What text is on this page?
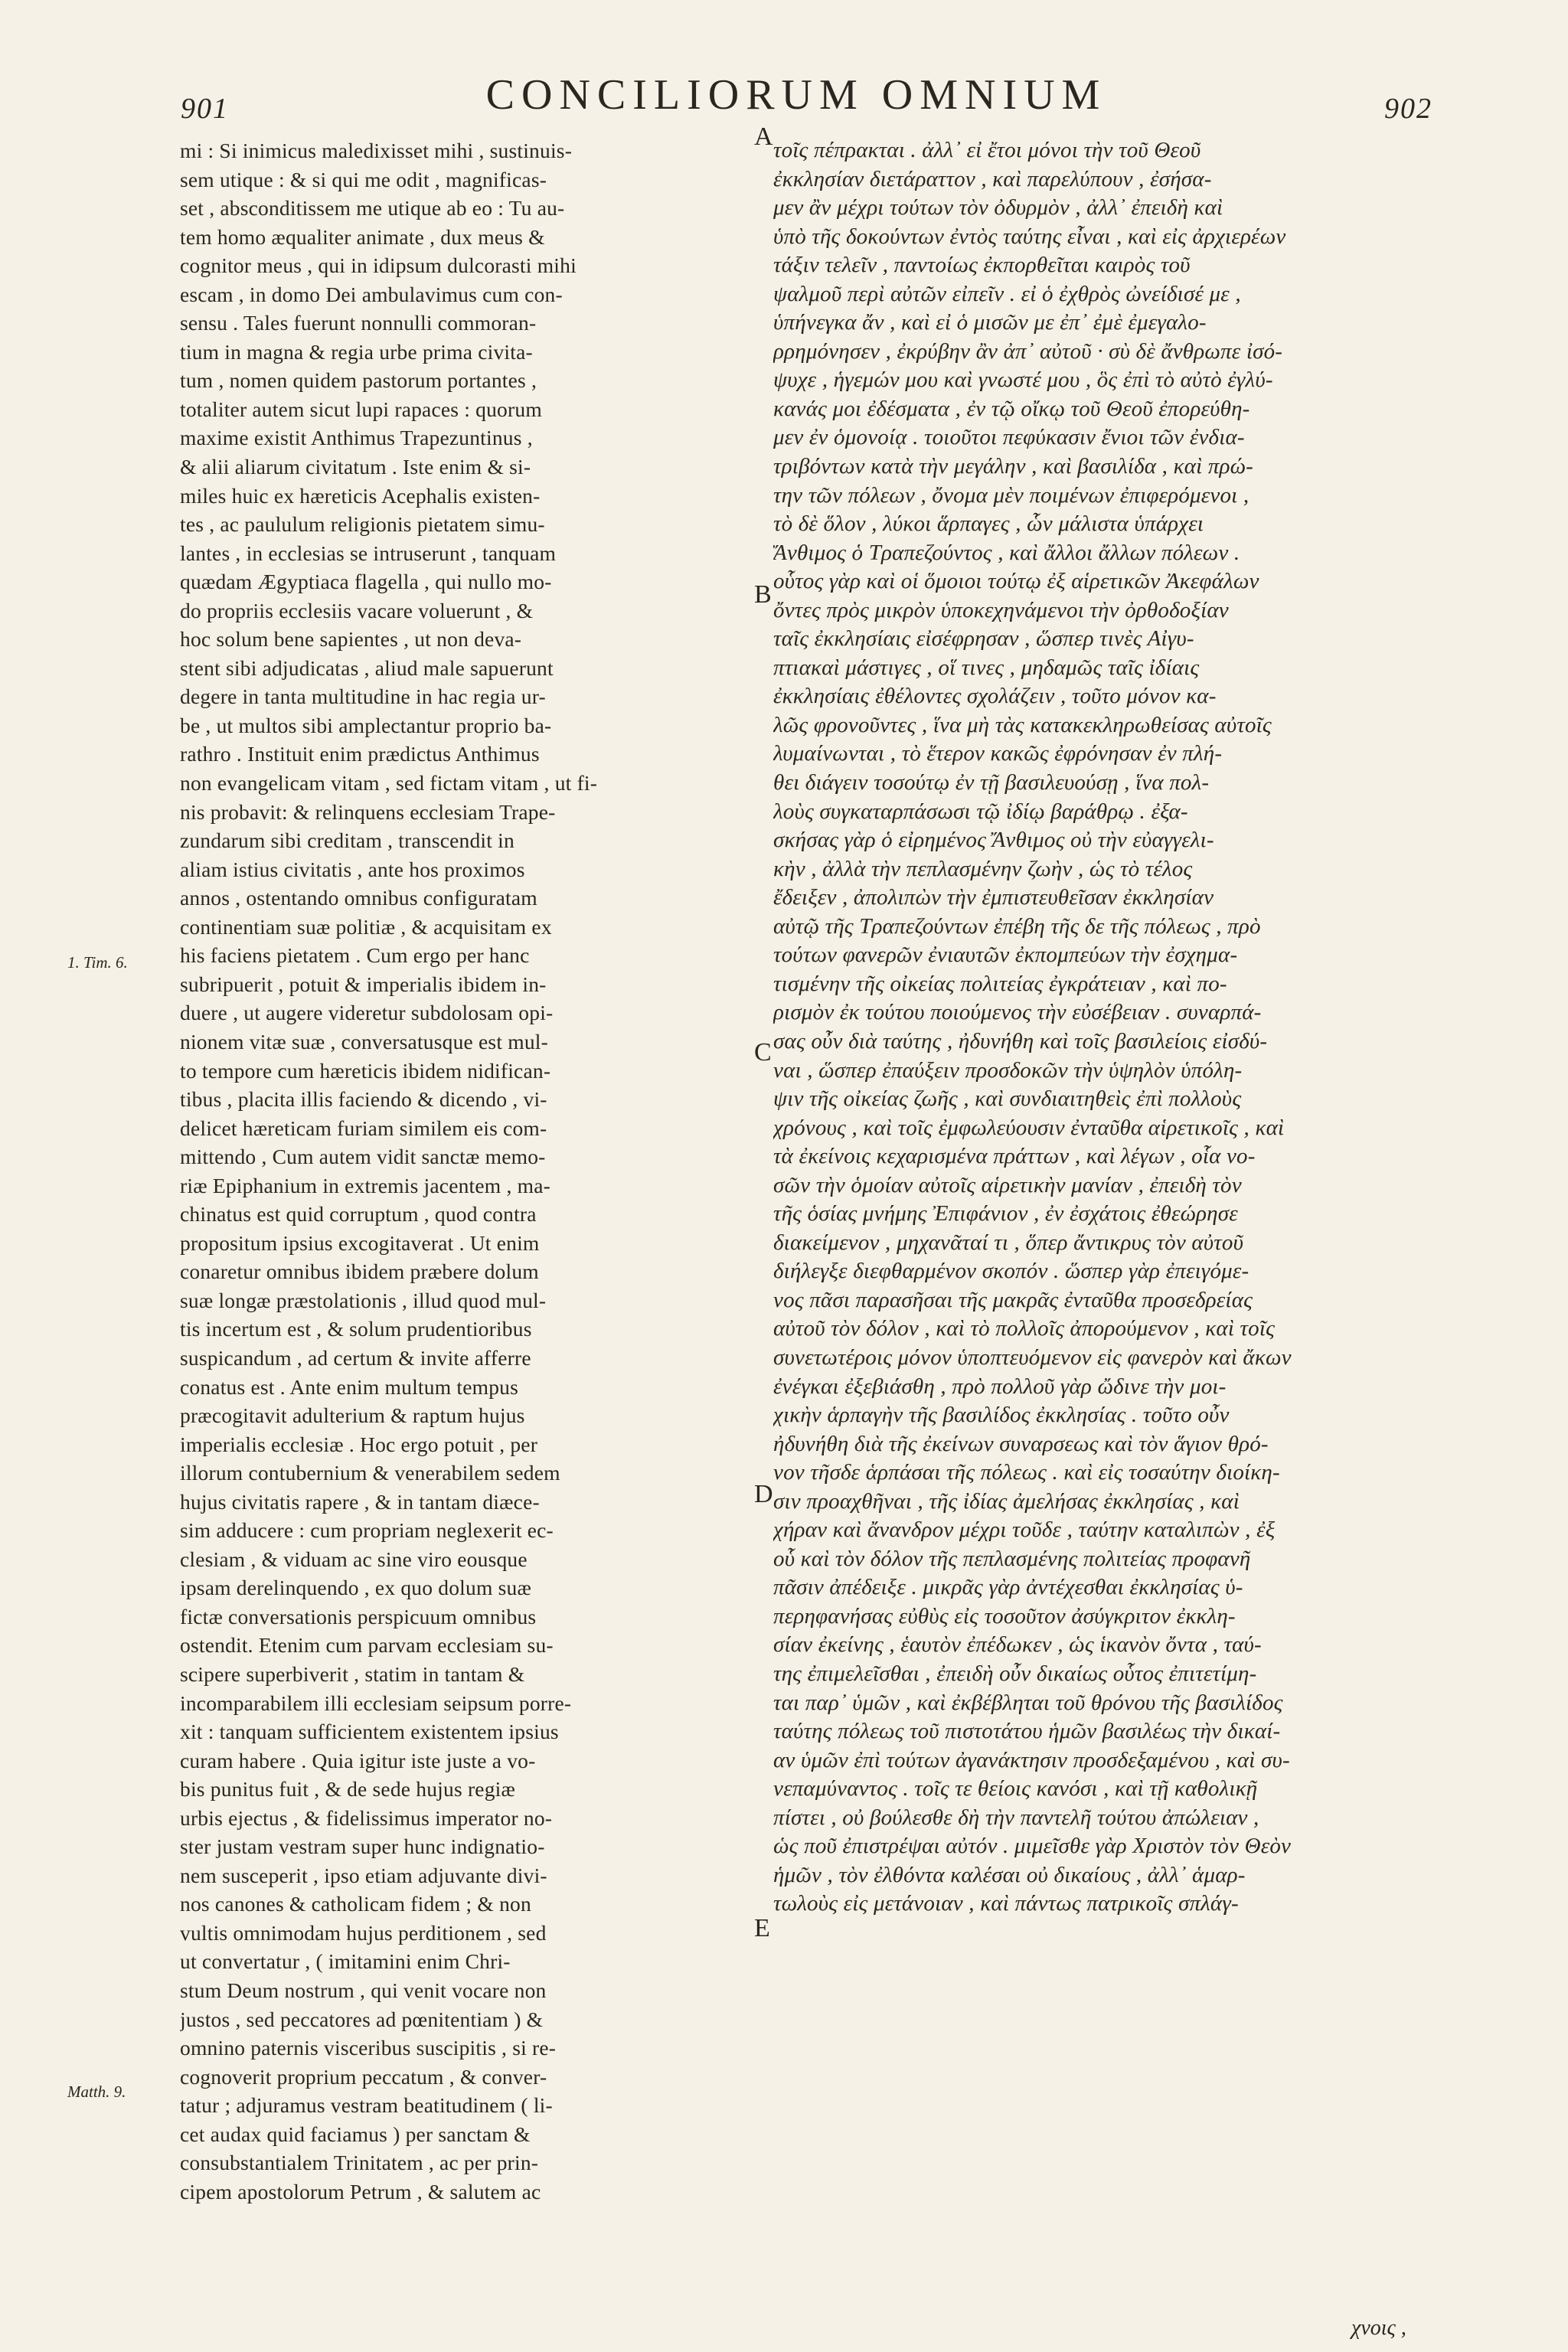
901	CONCILIORUM OMNIUM	902
1. Tim. 6.
Matth. 9.
mi : Si inimicus maledixisset mihi , sustinuis-
sem utique : & si qui me odit , magnificas-
set , absconditissem me utique ab eo : Tu au-
tem homo æqualiter animate , dux meus &
cognitor meus , qui in idipsum dulcorasti mihi
escam , in domo Dei ambulavimus cum con-
sensu . Tales fuerunt nonnulli commoran-
tium in magna & regia urbe prima civita-
tum , nomen quidem pastorum portantes ,
totaliter autem sicut lupi rapaces : quorum
maxime existit Anthimus Trapezuntinus ,
& alii aliarum civitatum . Iste enim & si-
miles huic ex hæreticis Acephalis existen-
tes , ac paululum religionis pietatem simu-
lantes , in ecclesias se intruserunt , tanquam
quædam Ægyptiaca flagella , qui nullo mo-
do propriis ecclesiis vacare voluerunt , &
hoc solum bene sapientes , ut non deva-
stent sibi adjudicatas , aliud male sapuerunt
degere in tanta multitudine in hac regia ur-
be , ut multos sibi amplectantur proprio ba-
rathro . Instituit enim prædictus Anthimus
non evangelicam vitam , sed fictam vitam , ut fi-
nis probavit: & relinquens ecclesiam Trape-
zundarum sibi creditam , transcendit in
aliam istius civitatis , ante hos proximos
annos , ostentando omnibus configuratam
continentiam suæ politiæ , & acquisitam ex
his faciens pietatem . Cum ergo per hanc
subripuerit , potuit & imperialis ibidem in-
duere , ut augere videretur subdolosam opi-
nionem vitæ suæ , conversatusque est mul-
to tempore cum hæreticis ibidem nidifican-
tibus , placita illis faciendo & dicendo , vi-
delicet hæreticam furiam similem eis com-
mittendo , Cum autem vidit sanctæ memo-
riæ Epiphanium in extremis jacentem , ma-
chinatus est quid corruptum , quod contra
propositum ipsius excogitaverat . Ut enim
conaretur omnibus ibidem præbere dolum
suæ longæ præstolationis , illud quod mul-
tis incertum est , & solum prudentioribus
suspicandum , ad certum & invite afferre
conatus est . Ante enim multum tempus
præcogitavit adulterium & raptum hujus
imperialis ecclesiæ . Hoc ergo potuit , per
illorum contubernium & venerabilem sedem
hujus civitatis rapere , & in tantam diæce-
sim adducere : cum propriam neglexerit ec-
clesiam , & viduam ac sine viro eousque
ipsam derelinquendo , ex quo dolum suæ
fictæ conversationis perspicuum omnibus
ostendit. Etenim cum parvam ecclesiam su-
scipere superbiverit , statim in tantam &
incomparabilem illi ecclesiam seipsum porre-
xit : tanquam sufficientem existentem ipsius
curam habere . Quia igitur iste juste a vo-
bis punitus fuit , & de sede hujus regiæ
urbis ejectus , & fidelissimus imperator no-
ster justam vestram super hunc indignatio-
nem susceperit , ipso etiam adjuvante divi-
nos canones & catholicam fidem ; & non
vultis omnimodam hujus perditionem , sed
ut convertatur , ( imitamini enim Chri-
stum Deum nostrum , qui venit vocare non
justos , sed peccatores ad pœnitentiam ) &
omnino paternis visceribus suscipitis , si re-
cognoverit proprium peccatum , & conver-
tatur ; adjuramus vestram beatitudinem ( li-
cet audax quid faciamus ) per sanctam &
consubstantialem Trinitatem , ac per prin-
cipem apostolorum Petrum , & salutem ac
τοῖς πέπρακται . ἀλλ᾽ εἰ ἔτοι μόνοι τὴν τοῦ Θεοῦ
ἐκκλησίαν διετάραττον , καὶ παρελύπουν , ἐσήσα-
μεν ἂν μέχρι τούτων τὸν ὀδυρμὸν , ἀλλ᾽ ἐπειδὴ καὶ
ὑπὸ τῆς δοκούντων ἐντὸς ταύτης εἶναι , καὶ εἰς ἀρχιερέων
τάξιν τελεῖν , παντοίως ἐκπορθεῖται καιρὸς τοῦ
ψαλμοῦ περὶ αὐτῶν εἰπεῖν . εἰ ὁ ἐχθρὸς ὠνείδισέ με ,
ὑπήνεγκα ἄν , καὶ εἰ ὁ μισῶν με ἐπ᾽ ἐμὲ ἐμεγαλο-
ρρημόνησεν , ἐκρύβην ἂν ἀπ᾽ αὐτοῦ · σὺ δὲ ἄνθρωπε ἰσό-
ψυχε , ἡγεμών μου καὶ γνωστέ μου , ὃς ἐπὶ τὸ αὐτὸ ἐγλύ-
κανάς μοι ἐδέσματα , ἐν τῷ οἴκῳ τοῦ Θεοῦ ἐπορεύθη-
μεν ἐν ὁμονοίᾳ . τοιοῦτοι πεφύκασιν ἔνιοι τῶν ἐνδια-
τριβόντων κατὰ τὴν μεγάλην , καὶ βασιλίδα , καὶ πρώ-
την τῶν πόλεων , ὄνομα μὲν ποιμένων ἐπιφερόμενοι ,
τὸ δὲ ὅλον , λύκοι ἅρπαγες , ὧν μάλιστα ὑπάρχει
Ἄνθιμος ὁ Τραπεζούντος , καὶ ἄλλοι ἄλλων πόλεων .
οὗτος γὰρ καὶ οἱ ὅμοιοι τούτῳ ἐξ αἱρετικῶν Ἀκεφάλων
ὄντες πρὸς μικρὸν ὑποκεχηνάμενοι τὴν ὀρθοδοξίαν
ταῖς ἐκκλησίαις εἰσέφρησαν , ὥσπερ τινὲς Αἰγυ-
πτιακαὶ μάστιγες , οἵ τινες , μηδαμῶς ταῖς ἰδίαις
ἐκκλησίαις ἐθέλοντες σχολάζειν , τοῦτο μόνον κα-
λῶς φρονοῦντες , ἵνα μὴ τὰς κατακεκληρωθείσας αὐτοῖς
λυμαίνωνται , τὸ ἕτερον κακῶς ἐφρόνησαν ἐν πλή-
θει διάγειν τοσούτῳ ἐν τῇ βασιλευούσῃ , ἵνα πολ-
λοὺς συγκαταρπάσωσι τῷ ἰδίῳ βαράθρῳ . ἐξα-
σκήσας γὰρ ὁ εἰρημένος Ἄνθιμος οὐ τὴν εὐαγγελι-
κὴν , ἀλλὰ τὴν πεπλασμένην ζωὴν , ὡς τὸ τέλος
ἔδειξεν , ἀπολιπὼν τὴν ἐμπιστευθεῖσαν ἐκκλησίαν
αὐτῷ τῆς Τραπεζούντων ἐπέβη τῆς δε τῆς πόλεως , πρὸ
τούτων φανερῶν ἐνιαυτῶν ἐκπομπεύων τὴν ἐσχημα-
τισμένην τῆς οἰκείας πολιτείας ἐγκράτειαν , καὶ πο-
ρισμὸν ἐκ τούτου ποιούμενος τὴν εὐσέβειαν . συναρπά-
σας οὖν διὰ ταύτης , ἠδυνήθη καὶ τοῖς βασιλείοις εἰσδύ-
ναι , ὥσπερ ἐπαύξειν προσδοκῶν τὴν ὑψηλὸν ὑπόλη-
ψιν τῆς οἰκείας ζωῆς , καὶ συνδιαιτηθεὶς ἐπὶ πολλοὺς
χρόνους , καὶ τοῖς ἐμφωλεύουσιν ἐνταῦθα αἱρετικοῖς , καὶ
τὰ ἐκείνοις κεχαρισμένα πράττων , καὶ λέγων , οἷα νο-
σῶν τὴν ὁμοίαν αὐτοῖς αἱρετικὴν μανίαν , ἐπειδὴ τὸν
τῆς ὁσίας μνήμης Ἐπιφάνιον , ἐν ἐσχάτοις ἐθεώρησε
διακείμενον , μηχανᾶταί τι , ὅπερ ἄντικρυς τὸν αὐτοῦ
διήλεγξε διεφθαρμένον σκοπόν . ὥσπερ γὰρ ἐπειγόμε-
νος πᾶσι παρασῆσαι τῆς μακρᾶς ἐνταῦθα προσεδρείας
αὐτοῦ τὸν δόλον , καὶ τὸ πολλοῖς ἀπορούμενον , καὶ τοῖς
συνετωτέροις μόνον ὑποπτευόμενον εἰς φανερὸν καὶ ἄκων
ἐνέγκαι ἐξεβιάσθη , πρὸ πολλοῦ γὰρ ὤδινε τὴν μοι-
χικὴν ἁρπαγὴν τῆς βασιλίδος ἐκκλησίας . τοῦτο οὖν
ἠδυνήθη διὰ τῆς ἐκείνων συναρσεως καὶ τὸν ἅγιον θρό-
νον τῆσδε ἁρπάσαι τῆς πόλεως . καὶ εἰς τοσαύτην διοίκη-
σιν προαχθῆναι , τῆς ἰδίας ἀμελήσας ἐκκλησίας , καὶ
χήραν καὶ ἄνανδρον μέχρι τοῦδε , ταύτην καταλιπὼν , ἐξ
οὗ καὶ τὸν δόλον τῆς πεπλασμένης πολιτείας προφανῆ
πᾶσιν ἀπέδειξε . μικρᾶς γὰρ ἀντέχεσθαι ἐκκλησίας ὑ-
περηφανήσας εὐθὺς εἰς τοσοῦτον ἀσύγκριτον ἐκκλη-
σίαν ἐκείνης , ἑαυτὸν ἐπέδωκεν , ὡς ἱκανὸν ὄντα , ταύ-
της ἐπιμελεῖσθαι , ἐπειδὴ οὖν δικαίως οὗτος ἐπιτετίμη-
ται παρ᾽ ὑμῶν , καὶ ἐκβέβληται τοῦ θρόνου τῆς βασιλίδος
ταύτης πόλεως τοῦ πιστοτάτου ἡμῶν βασιλέως τὴν δικαί-
αν ὑμῶν ἐπὶ τούτων ἀγανάκτησιν προσδεξαμένου , καὶ συ-
νεπαμύναντος . τοῖς τε θείοις κανόσι , καὶ τῇ καθολικῇ
πίστει , οὐ βούλεσθε δὴ τὴν παντελῆ τούτου ἀπώλειαν ,
ὡς ποῦ ἐπιστρέψαι αὐτόν . μιμεῖσθε γὰρ Χριστὸν τὸν Θεὸν
ἡμῶν , τὸν ἐλθόντα καλέσαι οὐ δικαίους , ἀλλ᾽ ἁμαρ-
τωλοὺς εἰς μετάνοιαν , καὶ πάντως πατρικοῖς σπλάγ-
A
B
C
D
E
χνοις ,
